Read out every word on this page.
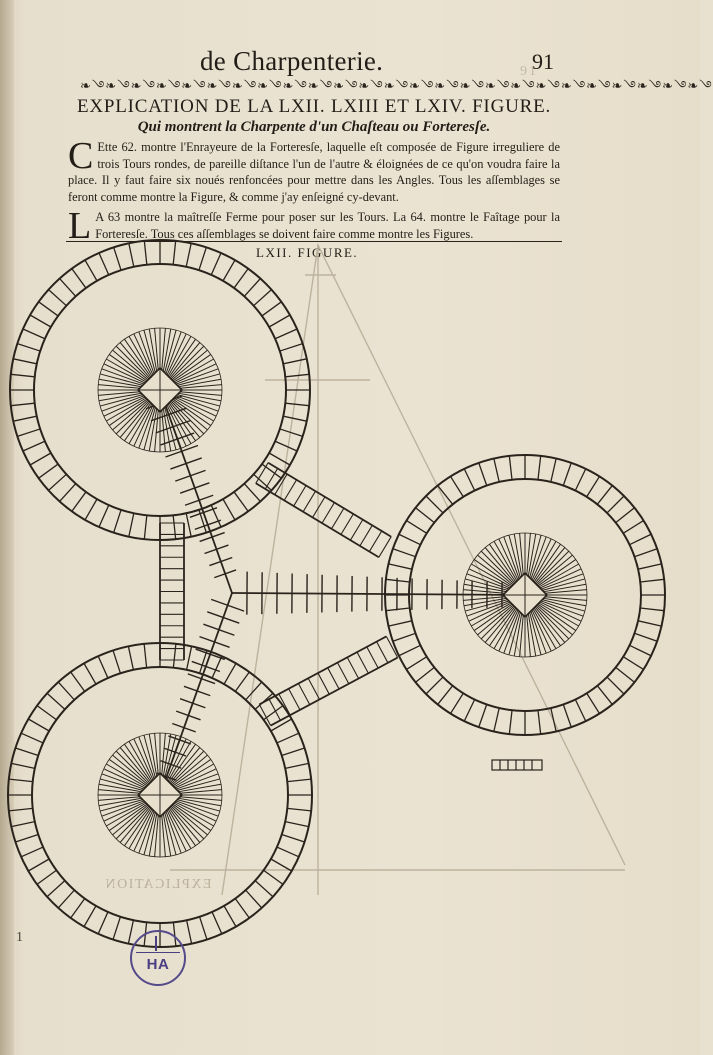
de Charpenterie.	91
91
❧࿓❧࿓❧࿓❧࿓❧࿓❧࿓❧࿓❧࿓❧࿓❧࿓❧࿓❧࿓❧࿓❧࿓❧࿓❧࿓❧࿓❧࿓❧࿓❧࿓❧࿓❧࿓❧࿓❧࿓❧࿓
EXPLICATION DE LA LXII. LXIII ET LXIV. FIGURE.
Qui montrent la Charpente d'un Chaſteau ou Forteresſe.

C Ette 62. montre l'Enrayeure de la Forteresſe, laquelle eſt composée de Figure irreguliere de trois Tours rondes, de pareille diſtance l'un de l'autre & éloignées de ce qu'on voudra faire la place. Il y faut faire six noués renfoncées pour mettre dans les Angles. Tous les aſſemblages se feront comme montre la Figure, & comme j'ay enſeigné cy-devant.

L A 63 montre la maîtreſſe Ferme pour poser sur les Tours. La 64. montre le Faîtage pour la Forteresſe. Tous ces aſſemblages se doivent faire comme montre les Figures.

LXII. FIGURE.
EXPLICATION
HA
1
